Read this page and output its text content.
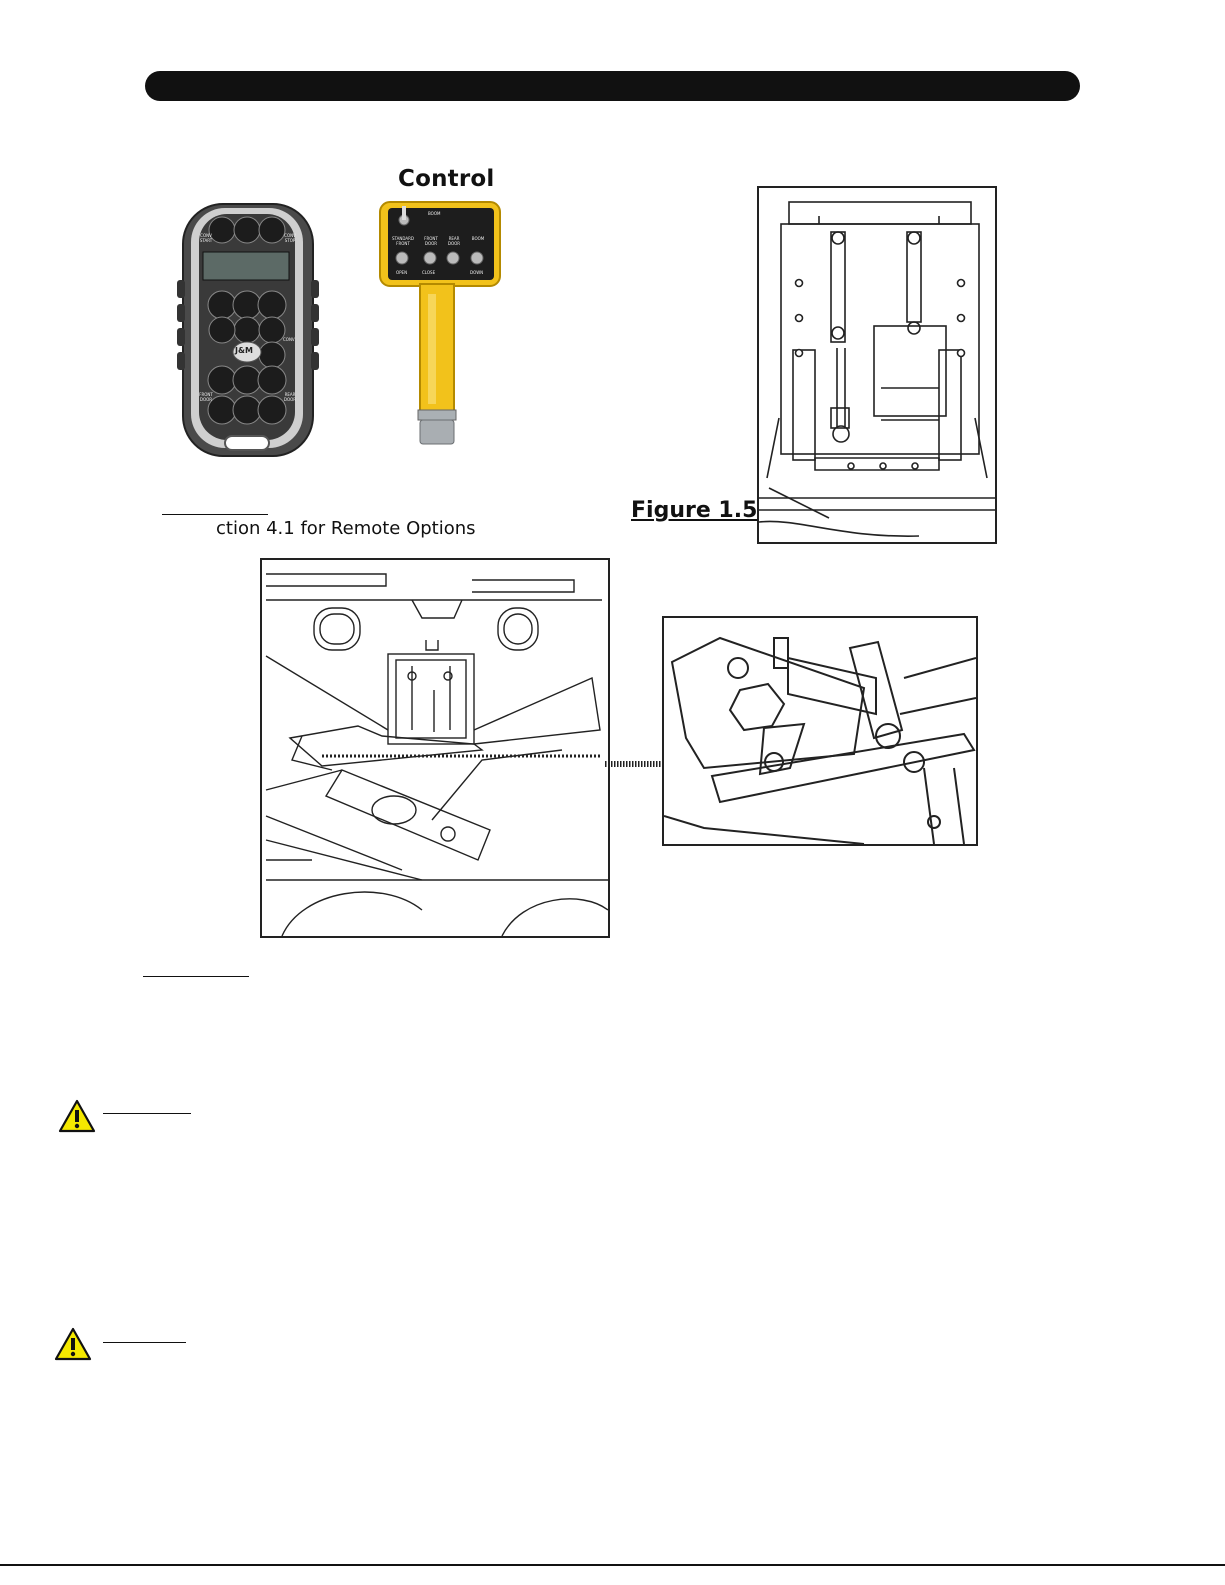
J&M
CONV START
CONV STOP
CONV
FRONT DOOR
REAR DOOR
Control
BOOM
STANDARD FRONT
FRONT DOOR
REAR DOOR
BOOM
OPEN	CLOSE	DOWN
Figure 1.5
ction 4.1 for Remote Options
